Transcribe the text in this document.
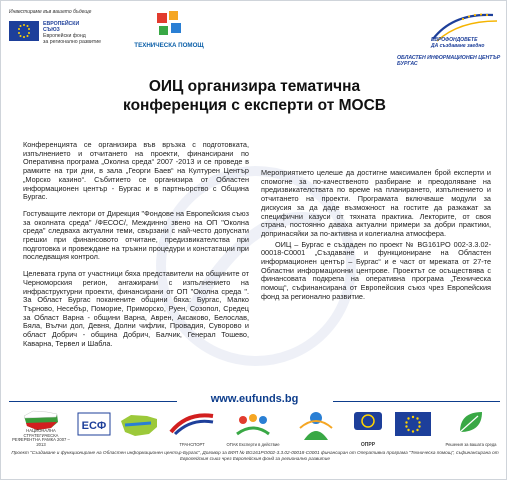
Инвестираме във вашето бъдеще
ЕВРОПЕЙСКИ
СЪЮЗ
Европейски фонд
за регионално развитие	ТЕХНИЧЕСКА ПОМОЩ
ЕВРОФОНДОВЕТЕ
ДА създаване заедно
ОБЛАСТЕН ИНФОРМАЦИОНЕН ЦЕНТЪР
БУРГАС
ОИЦ организира тематична
конференция с експерти от МОСВ

Конференцията се организира във връзка с подготовката, изпълнението и отчитането на проекти, финансирани по Оперативна програма „Околна среда“ 2007 -2013 и се проведе в рамките на три дни, в зала „Георги Баев“ на Културен Център „Морско казино“. Събитието се организира от Областен информационен център - Бургас и в партньорство с Община Бургас.

Гостуващите лектори от Дирекция "Фондове на Европейския съюз за околната среда" /ФЕСОС/, Междинно звено на ОП "Околна среда" следвaха актуални теми, свързани с най-често допуснати грешки при финансовото отчитане, предизвикателства при подготовка и провеждане на тръжни процедури и констатации при последващия контрол.

Целевата група от участници бяха представители на общините от Черноморския регион, ангажирани с изпълнението на инфраструктурни проекти, финансирани от ОП "Околна среда ". За Област Бургас поканените общини бяха: Бургас, Малко Търново, Несебър, Поморие, Приморско, Руен, Созопол, Средец за Област Варна - общини Варна, Аврен, Аксаково, Белослав, Бяла, Вълчи дол, Девня, Долни чифлик, Провадия, Суворово и област Добрич - община Добрич, Балчик, Генерал Тошево, Каварна, Тервел и Шабла.

Мероприятието целеше да достигне максимален брой експерти и спомогне за по-качественото разбиране и преодоляване на предизвикателствата по време на планирането, изпълнението и отчитането на проекти. Програмата включваше модули за дискусия за да даде възможност на гостите да разкажат за специфични казуси от тяхната практика. Лекторите, от своя страна, постоянно даваха актуални примери за добри практики, допринасяйки за по-активна и колегиална атмосфера.

ОИЦ – Бургас е създаден по проект № BG161PO 002-3.3.02-00018-C0001 „Създаване и функциониране на Областен информационен център – Бургас“ и е част от мрежата от 27-те Областни информационни центрове. Проектът се осъществява с финансовата подкрепа на оперативна програма „Техническа помощ“, съфинансирана от Европейския съюз чрез Европейския фонд за регионално развитие.

www.eufunds.bg
НАЦИОНАЛНА СТРАТЕГИЧЕСКА РЕФЕРЕНТНА РАМКА 2007 – 2013
ЕСФ
ТРАНСПОРТ	ОПАК Експерти в действие	ОПРР	Решения за вашата среда
Проект "Създаване и функциониране на Областен информационен център-Бургас", Договор за БФП № BG161PO002-3.3.02-00018-C0001 финансиран от Оперативна програма "Техническа помощ", съфинансирана от Европейския съюз чрез Европейския фонд за регионално развитие
